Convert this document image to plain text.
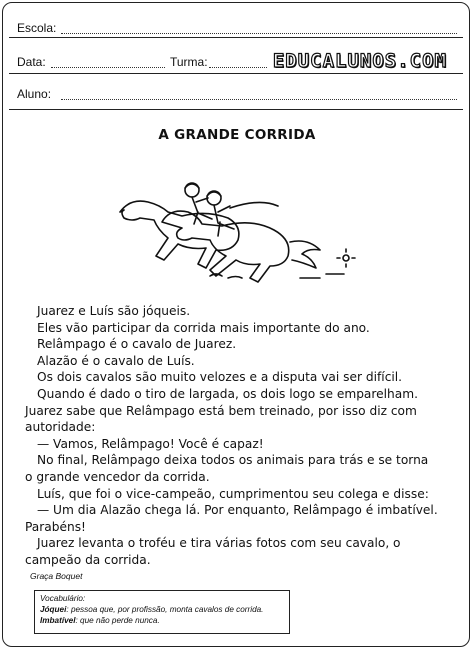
Escola:
Data:	Turma:	EDUCALUNOS.COM
Aluno:
A GRANDE CORRIDA
Juarez e Luís são jóqueis.
Eles vão participar da corrida mais importante do ano.
Relâmpago é o cavalo de Juarez.
Alazão é o cavalo de Luís.
Os dois cavalos são muito velozes e a disputa vai ser difícil.
Quando é dado o tiro de largada, os dois logo se emparelham.
Juarez sabe que Relâmpago está bem treinado, por isso diz com
autoridade:
— Vamos, Relâmpago! Você é capaz!
No final, Relâmpago deixa todos os animais para trás e se torna
o grande vencedor da corrida.
Luís, que foi o vice-campeão, cumprimentou seu colega e disse:
— Um dia Alazão chega lá. Por enquanto, Relâmpago é imbatível.
Parabéns!
Juarez levanta o troféu e tira várias fotos com seu cavalo, o
campeão da corrida.
Graça Boquet
Vocabulário:
Jóquei: pessoa que, por profissão, monta cavalos de corrida.
Imbatível: que não perde nunca.
